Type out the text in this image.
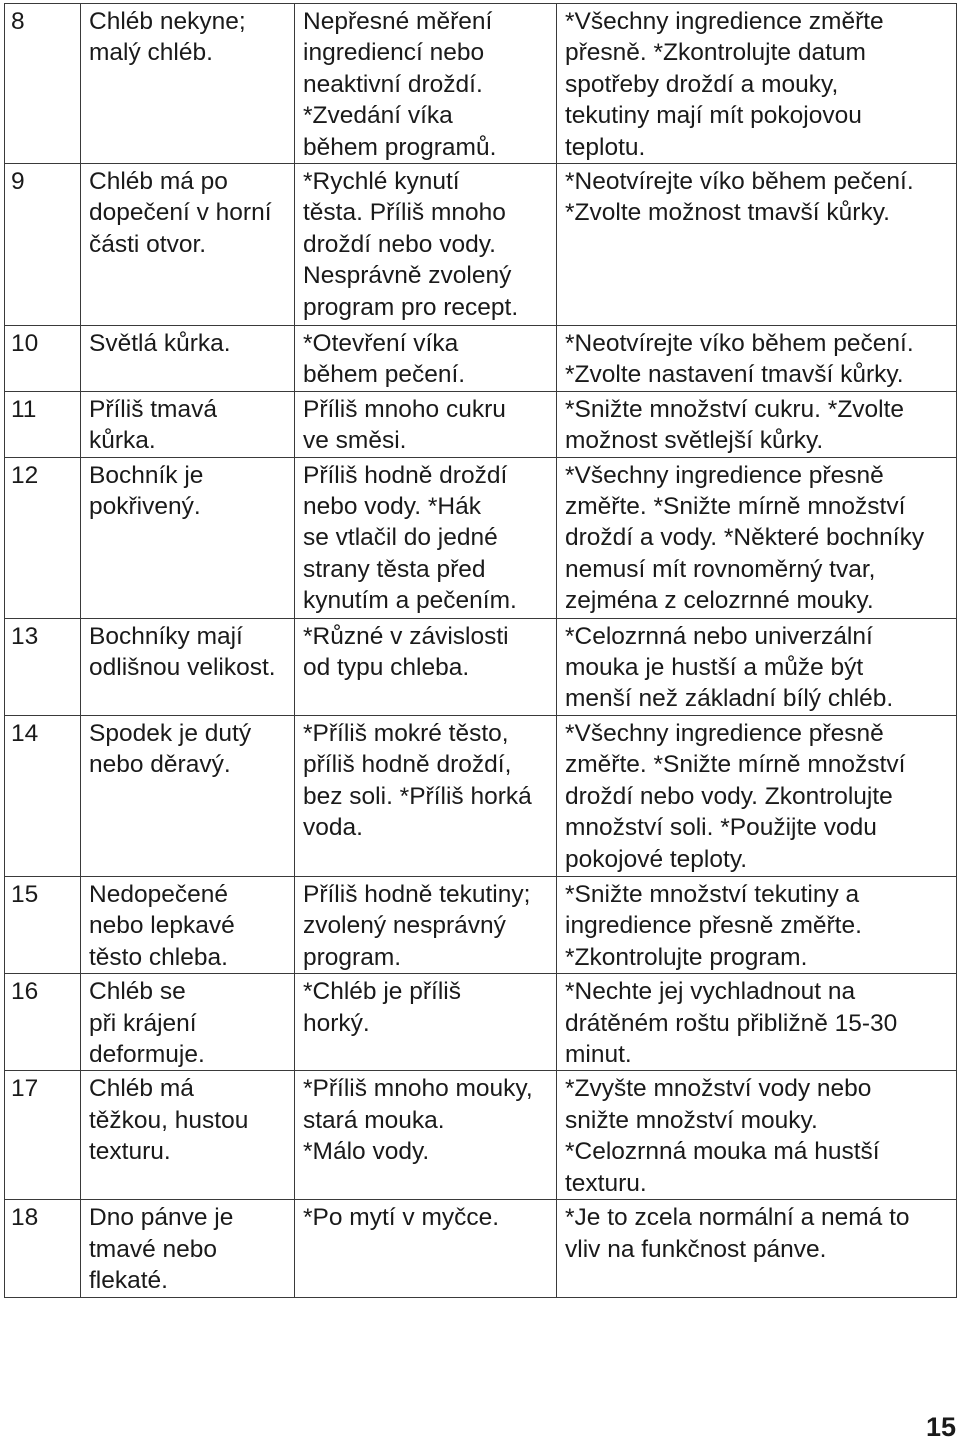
8	Chléb nekyne;
malý chléb.	Nepřesné měření
ingrediencí nebo
neaktivní droždí.
*Zvedání víka
během programů.	*Všechny ingredience změřte
přesně. *Zkontrolujte datum
spotřeby droždí a mouky,
tekutiny mají mít pokojovou
teplotu.
9	Chléb má po
dopečení v horní
části otvor.	*Rychlé kynutí
těsta. Příliš mnoho
droždí nebo vody.
Nesprávně zvolený
program pro recept.	*Neotvírejte víko během pečení.
*Zvolte možnost tmavší kůrky.
10	Světlá kůrka.	*Otevření víka
během pečení.	*Neotvírejte víko během pečení.
*Zvolte nastavení tmavší kůrky.
11	Příliš tmavá
kůrka.	Příliš mnoho cukru
ve směsi.	*Snižte množství cukru. *Zvolte
možnost světlejší kůrky.
12	Bochník je
pokřivený.	Příliš hodně droždí
nebo vody. *Hák
se vtlačil do jedné
strany těsta před
kynutím a pečením.	*Všechny ingredience přesně
změřte. *Snižte mírně množství
droždí a vody. *Některé bochníky
nemusí mít rovnoměrný tvar,
zejména z celozrnné mouky.
13	Bochníky mají
odlišnou velikost.	*Různé v závislosti
od typu chleba.	*Celozrnná nebo univerzální
mouka je hustší a může být
menší než základní bílý chléb.
14	Spodek je dutý
nebo děravý.	*Příliš mokré těsto,
příliš hodně droždí,
bez soli. *Příliš horká
voda.	*Všechny ingredience přesně
změřte. *Snižte mírně množství
droždí nebo vody. Zkontrolujte
množství soli. *Použijte vodu
pokojové teploty.
15	Nedopečené
nebo lepkavé
těsto chleba.	Příliš hodně tekutiny;
zvolený nesprávný
program.	*Snižte množství tekutiny a
ingredience přesně změřte.
*Zkontrolujte program.
16	Chléb se
při krájení
deformuje.	*Chléb je příliš
horký.	*Nechte jej vychladnout na
drátěném roštu přibližně 15-30
minut.
17	Chléb má
těžkou, hustou
texturu.	*Příliš mnoho mouky,
stará mouka.
*Málo vody.	*Zvyšte množství vody nebo
snižte množství mouky.
*Celozrnná mouka má hustší
texturu.
18	Dno pánve je
tmavé nebo
flekaté.	*Po mytí v myčce.	*Je to zcela normální a nemá to
vliv na funkčnost pánve.
15
